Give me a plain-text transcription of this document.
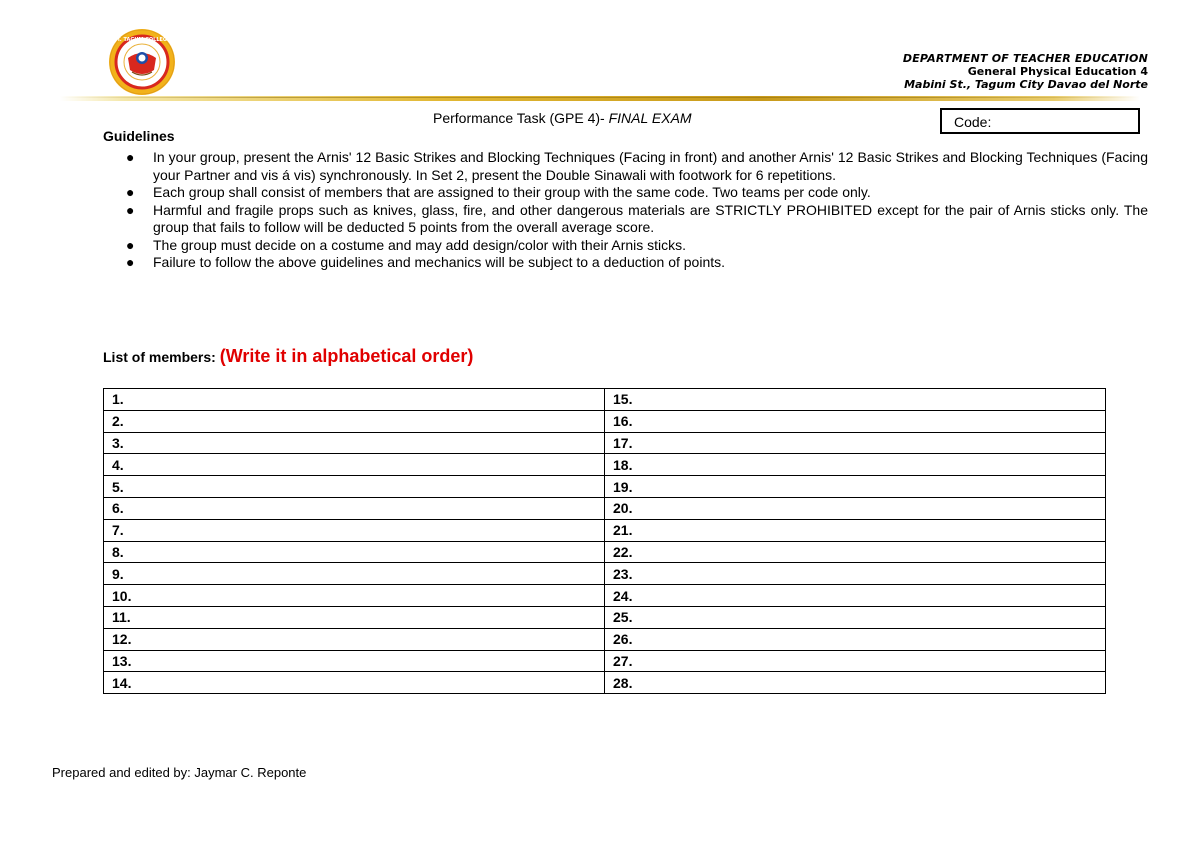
ST. TAGUM COLLEGE
DEPARTMENT OF TEACHER EDUCATION
General Physical Education 4
Mabini St., Tagum City Davao del Norte
Performance Task (GPE 4)- FINAL EXAM	Code:
Guidelines
● In your group, present the Arnis' 12 Basic Strikes and Blocking Techniques (Facing in front) and another Arnis' 12 Basic Strikes and Blocking Techniques (Facing your Partner and vis á vis) synchronously. In Set 2, present the Double Sinawali with footwork for 6 repetitions.
● Each group shall consist of members that are assigned to their group with the same code. Two teams per code only.
● Harmful and fragile props such as knives, glass, fire, and other dangerous materials are STRICTLY PROHIBITED except for the pair of Arnis sticks only. The group that fails to follow will be deducted 5 points from the overall average score.
● The group must decide on a costume and may add design/color with their Arnis sticks.
● Failure to follow the above guidelines and mechanics will be subject to a deduction of points.
List of members: (Write it in alphabetical order)
1.	15.
2.	16.
3.	17.
4.	18.
5.	19.
6.	20.
7.	21.
8.	22.
9.	23.
10.	24.
11.	25.
12.	26.
13.	27.
14.	28.
Prepared and edited by: Jaymar C. Reponte
